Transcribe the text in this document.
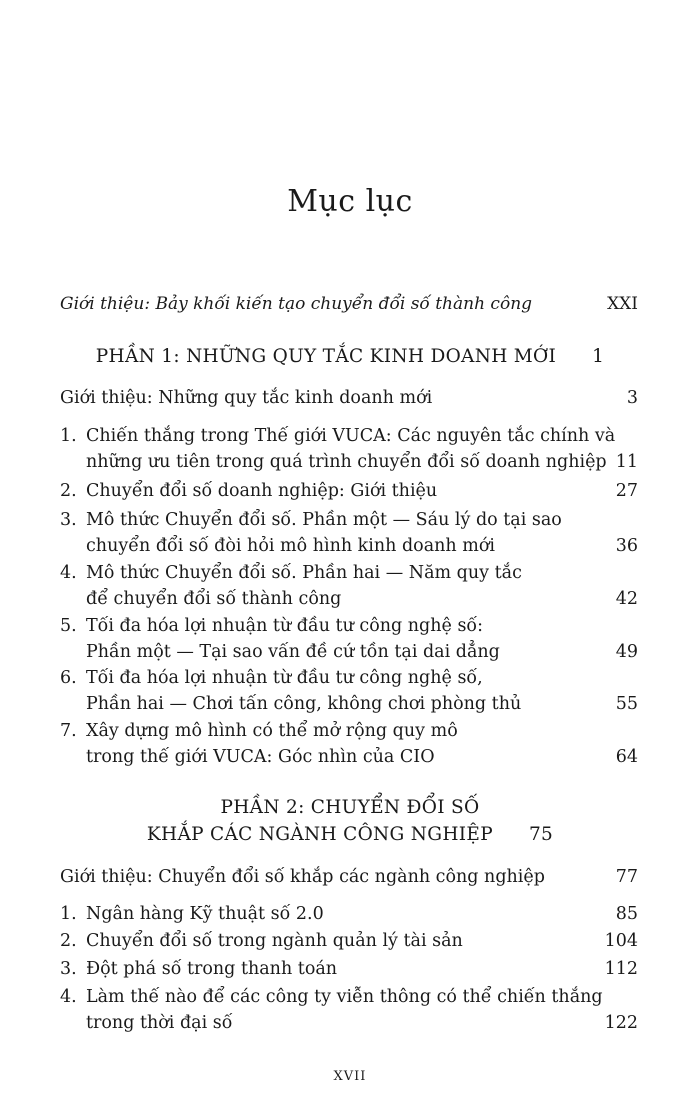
Mục lục
Giới thiệu: Bảy khối kiến tạo chuyển đổi số thành công	XXI
PHẦN 1: NHỮNG QUY TẮC KINH DOANH MỚI 1
Giới thiệu: Những quy tắc kinh doanh mới	3
1. Chiến thắng trong Thế giới VUCA: Các nguyên tắc chính và
những ưu tiên trong quá trình chuyển đổi số doanh nghiệp 11
2. Chuyển đổi số doanh nghiệp: Giới thiệu	27
3. Mô thức Chuyển đổi số. Phần một — Sáu lý do tại sao
chuyển đổi số đòi hỏi mô hình kinh doanh mới	36
4. Mô thức Chuyển đổi số. Phần hai — Năm quy tắc
để chuyển đổi số thành công	42
5. Tối đa hóa lợi nhuận từ đầu tư công nghệ số:
Phần một — Tại sao vấn đề cứ tồn tại dai dẳng	49
6. Tối đa hóa lợi nhuận từ đầu tư công nghệ số,
Phần hai — Chơi tấn công, không chơi phòng thủ	55
7. Xây dựng mô hình có thể mở rộng quy mô
trong thế giới VUCA: Góc nhìn của CIO	64
PHẦN 2: CHUYỂN ĐỔI SỐ
KHẮP CÁC NGÀNH CÔNG NGHIỆP 75
Giới thiệu: Chuyển đổi số khắp các ngành công nghiệp	77
1. Ngân hàng Kỹ thuật số 2.0	85
2. Chuyển đổi số trong ngành quản lý tài sản	104
3. Đột phá số trong thanh toán	112
4. Làm thế nào để các công ty viễn thông có thể chiến thắng
trong thời đại số	122
XVII
